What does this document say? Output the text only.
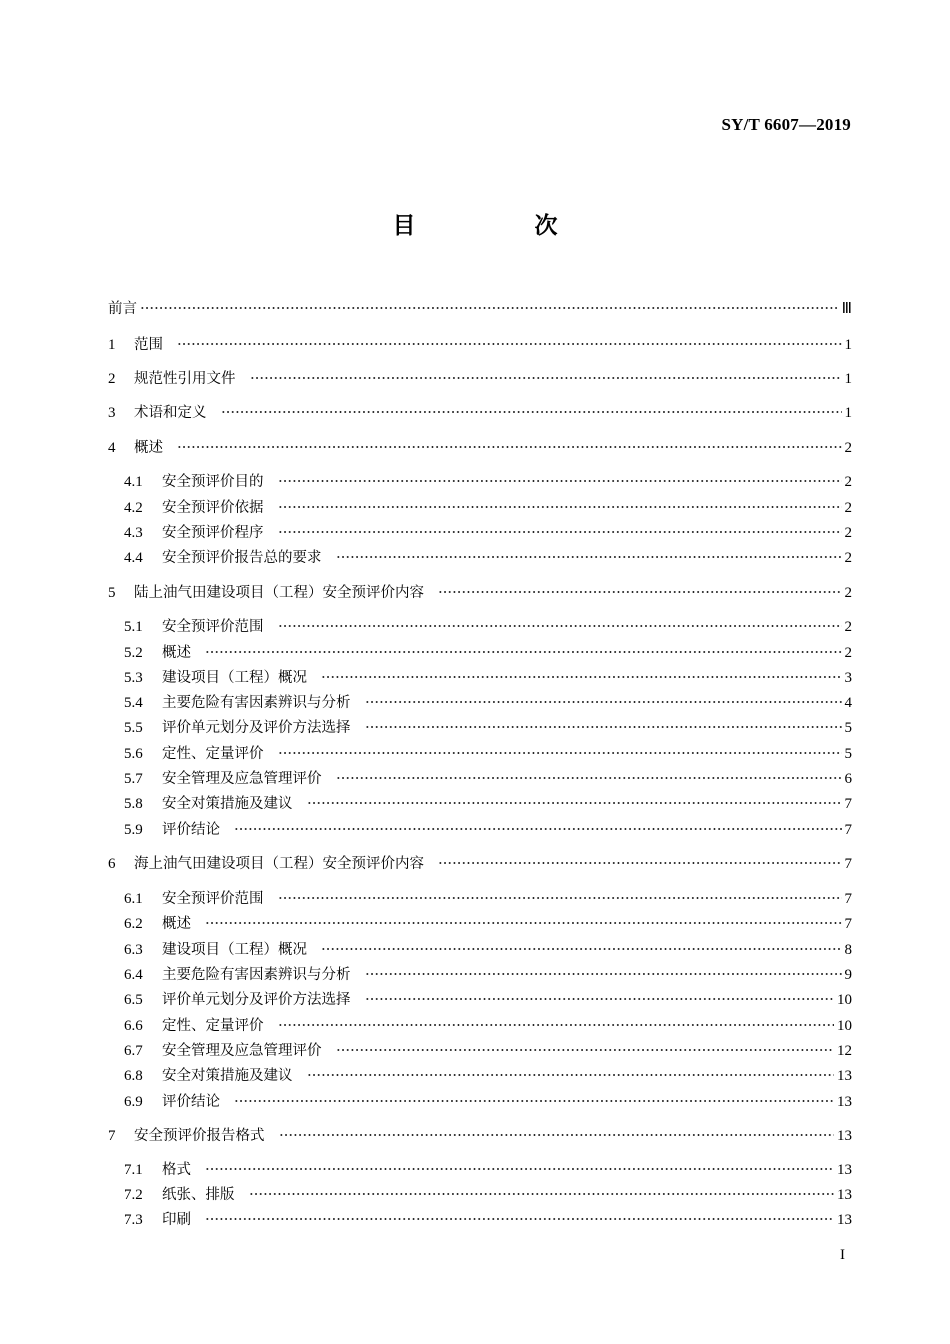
SY/T 6607—2019
目　次
前言	Ⅲ
1 范围	1
2 规范性引用文件	1
3 术语和定义	1
4 概述	2
4.1 安全预评价目的	2
4.2 安全预评价依据	2
4.3 安全预评价程序	2
4.4 安全预评价报告总的要求	2
5 陆上油气田建设项目（工程）安全预评价内容	2
5.1 安全预评价范围	2
5.2 概述	2
5.3 建设项目（工程）概况	3
5.4 主要危险有害因素辨识与分析	4
5.5 评价单元划分及评价方法选择	5
5.6 定性、定量评价	5
5.7 安全管理及应急管理评价	6
5.8 安全对策措施及建议	7
5.9 评价结论	7
6 海上油气田建设项目（工程）安全预评价内容	7
6.1 安全预评价范围	7
6.2 概述	7
6.3 建设项目（工程）概况	8
6.4 主要危险有害因素辨识与分析	9
6.5 评价单元划分及评价方法选择	10
6.6 定性、定量评价	10
6.7 安全管理及应急管理评价	12
6.8 安全对策措施及建议	13
6.9 评价结论	13
7 安全预评价报告格式	13
7.1 格式	13
7.2 纸张、排版	13
7.3 印刷	13
I
